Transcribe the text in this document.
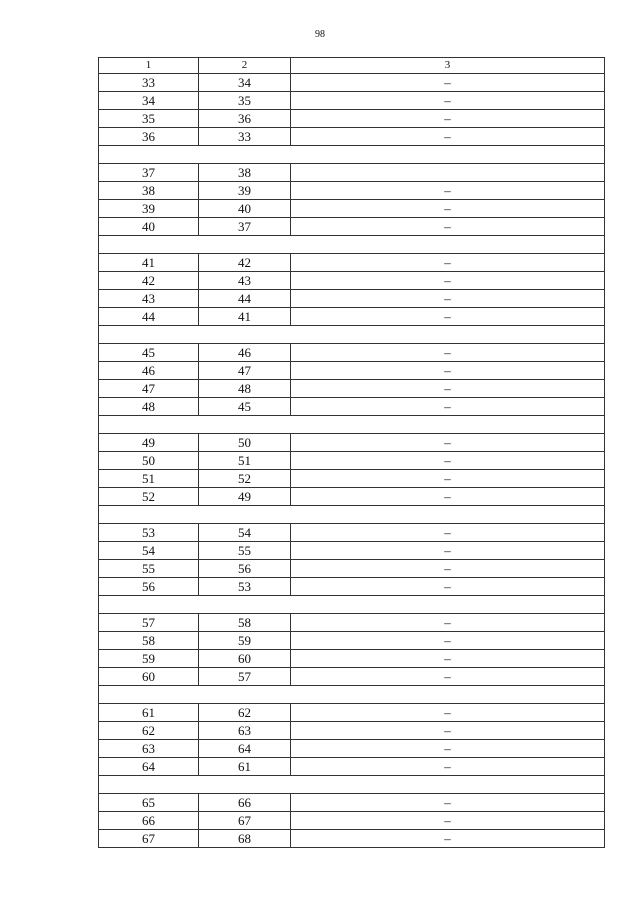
98
1	2	3
33	34	–
34	35	–
35	36	–
36	33	–

37	38	
38	39	–
39	40	–
40	37	–

41	42	–
42	43	–
43	44	–
44	41	–

45	46	–
46	47	–
47	48	–
48	45	–

49	50	–
50	51	–
51	52	–
52	49	–

53	54	–
54	55	–
55	56	–
56	53	–

57	58	–
58	59	–
59	60	–
60	57	–

61	62	–
62	63	–
63	64	–
64	61	–

65	66	–
66	67	–
67	68	–
